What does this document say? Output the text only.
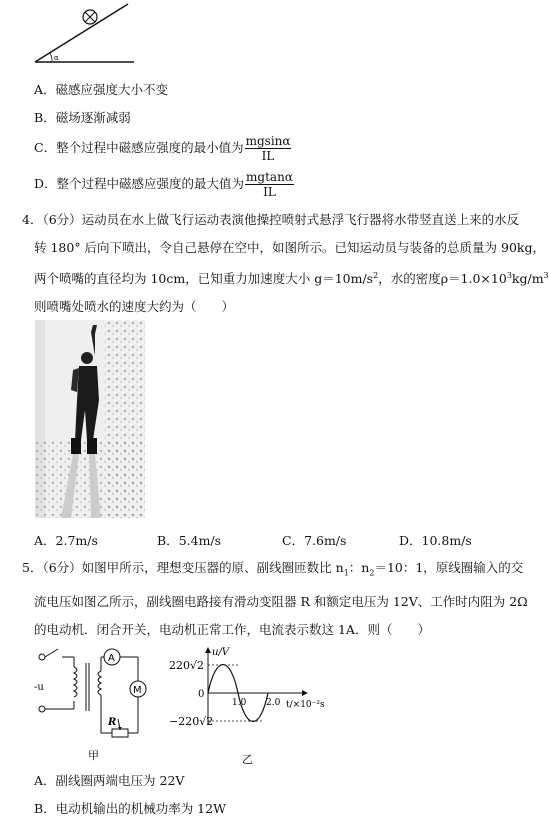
α
A．磁感应强度大小不变
B．磁场逐渐减弱
C．整个过程中磁感应强度的最小值为 $\frac{mgsin\alpha}{IL}$
D．整个过程中磁感应强度的最大值为 $\frac{mgtan\alpha}{IL}$
4．（6分）运动员在水上做飞行运动表演他操控喷射式悬浮飞行器将水带竖直送上来的水反
转 180° 后向下喷出，令自己悬停在空中，如图所示。已知运动员与装备的总质量为 90kg，
两个喷嘴的直径均为 10cm，已知重力加速度大小 $g=10m/s^2$，水的密度$\rho=1.0\times 10^3kg/m^3$
则喷嘴处喷水的速度大约为（　　）
A．2.7m/s	B．5.4m/s	C．7.6m/s	D．10.8m/s
5．（6分）如图甲所示，理想变压器的原、副线圈匝数比 $n_1$：$n_2=10$：1，原线圈输入的交
流电压如图乙所示，副线圈电路接有滑动变阻器 R 和额定电压为 12V、工作时内阻为 2Ω
的电动机．闭合开关，电动机正常工作，电流表示数这 1A．则（　　）
-u
A
M
R
甲
220√2
−220√2
0
u/V
1.0 2.0 t/×10⁻²s
乙
A．副线圈两端电压为 22V
B．电动机输出的机械功率为 12W
